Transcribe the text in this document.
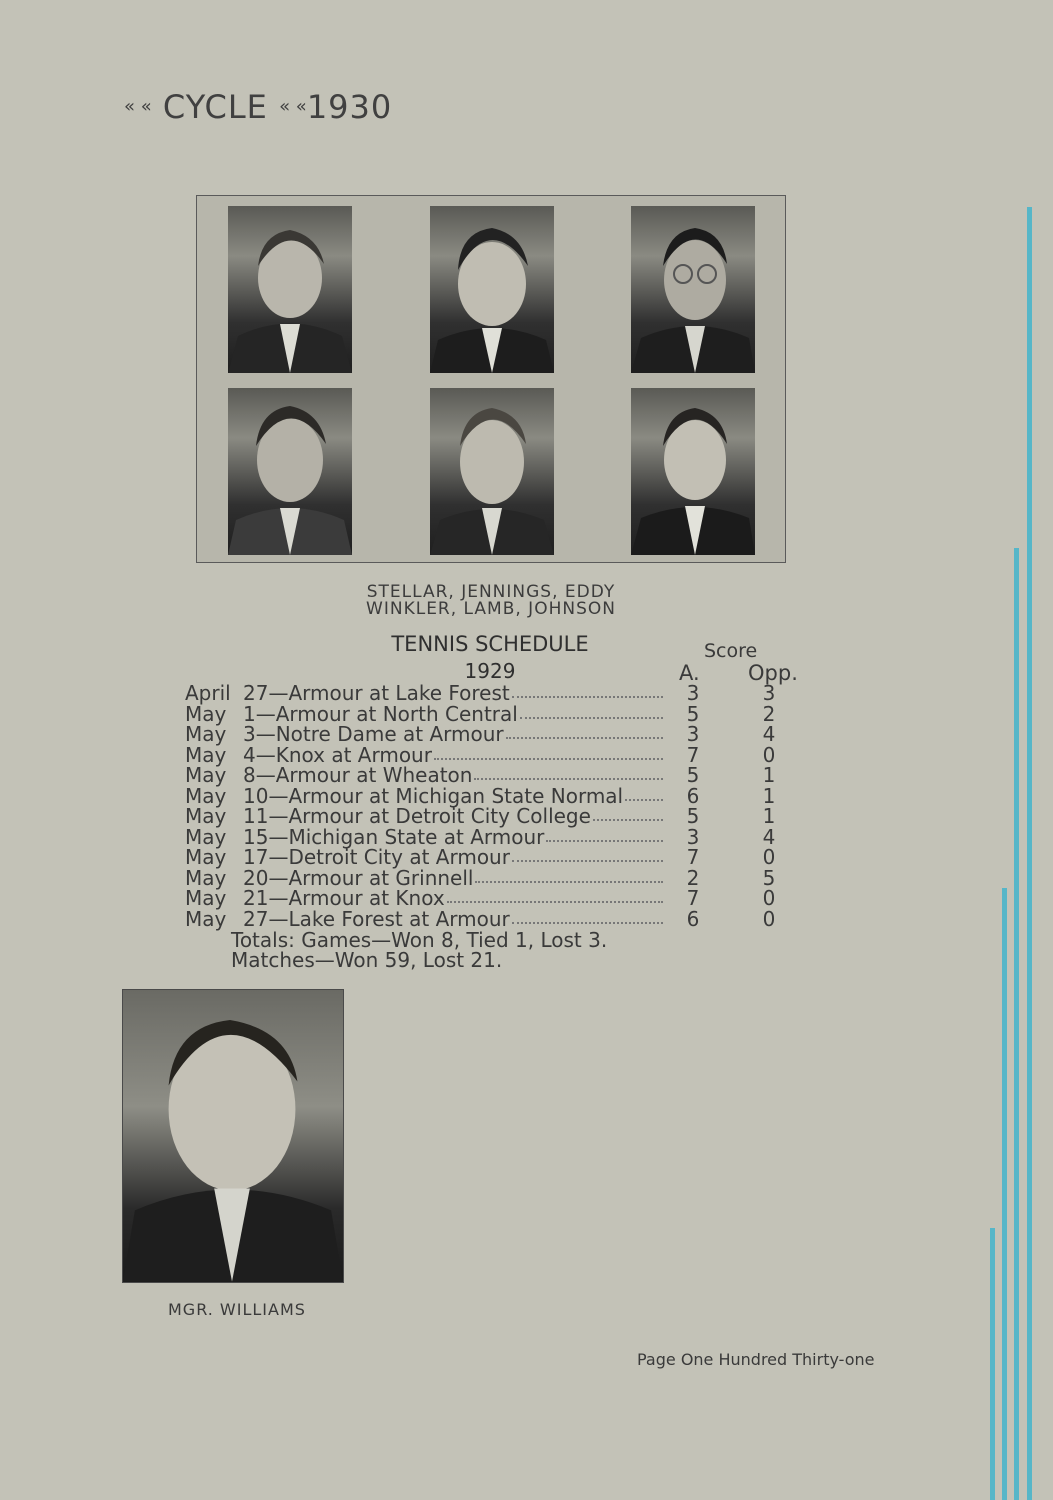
« « CYCLE « «1930
STELLAR, JENNINGS, EDDY
WINKLER, LAMB, JOHNSON
TENNIS SCHEDULE
1929
Score
A. Opp.
April 27—Armour at Lake Forest	3	3
May 1—Armour at North Central	5	2
May 3—Notre Dame at Armour	3	4
May 4—Knox at Armour	7	0
May 8—Armour at Wheaton	5	1
May 10—Armour at Michigan State Normal	6	1
May 11—Armour at Detroit City College	5	1
May 15—Michigan State at Armour	3	4
May 17—Detroit City at Armour	7	0
May 20—Armour at Grinnell	2	5
May 21—Armour at Knox	7	0
May 27—Lake Forest at Armour	6	0
Totals: Games—Won 8, Tied 1, Lost 3.
Matches—Won 59, Lost 21.
MGR. WILLIAMS
Page One Hundred Thirty-one
